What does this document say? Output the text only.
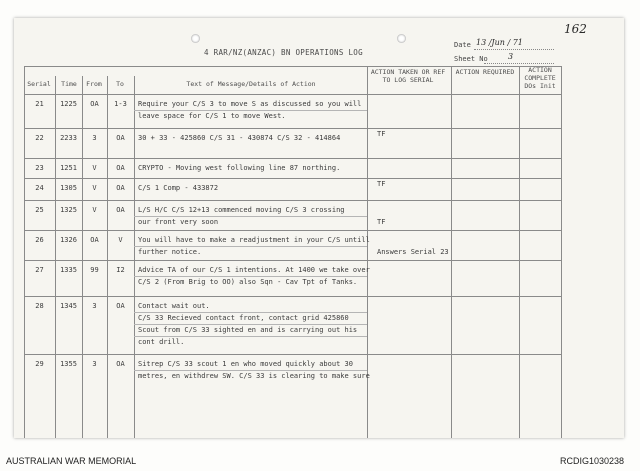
162
4 RAR/NZ(ANZAC) BN OPERATIONS LOG
Date 13 /Jun / 71
Sheet No	3
Serial	Time	From	To	Text of Message/Details of Action
ACTION TAKEN OR REF TO LOG SERIAL
ACTION REQUIRED	ACTION COMPLETE DOs Init
21	1225	OA	1-3	Require your C/S 3 to move S as discussed so you will
leave space for C/S 1 to move West.
22	2233	3	OA	30 + 33 - 425860 C/S 31 - 430874 C/S 32 - 414864	TF
23	1251	V	OA	CRYPTO - Moving west following line 87 northing.
24	1305	V	OA	C/S 1 Comp - 433872	TF
25	1325	V	OA	L/S H/C C/S 12+13 commenced moving C/S 3 crossing
our front very soon	TF
26	1326	OA	V	You will have to make a readjustment in your C/S untill
further notice.	Answers Serial 23
27	1335	99	I2	Advice TA of our C/S 1 intentions. At 1400 we take over
C/S 2 (From Brig to OO) also Sqn - Cav Tpt of Tanks.
28	1345	3	OA	Contact wait out.
C/S 33 Recieved contact front, contact grid 425860
Scout from C/S 33 sighted en and is carrying out his
cont drill.
29	1355	3	OA	Sitrep C/S 33 scout 1 en who moved quickly about 30
metres, en withdrew SW. C/S 33 is clearing to make sure
AUSTRALIAN WAR MEMORIAL	RCDIG1030238
